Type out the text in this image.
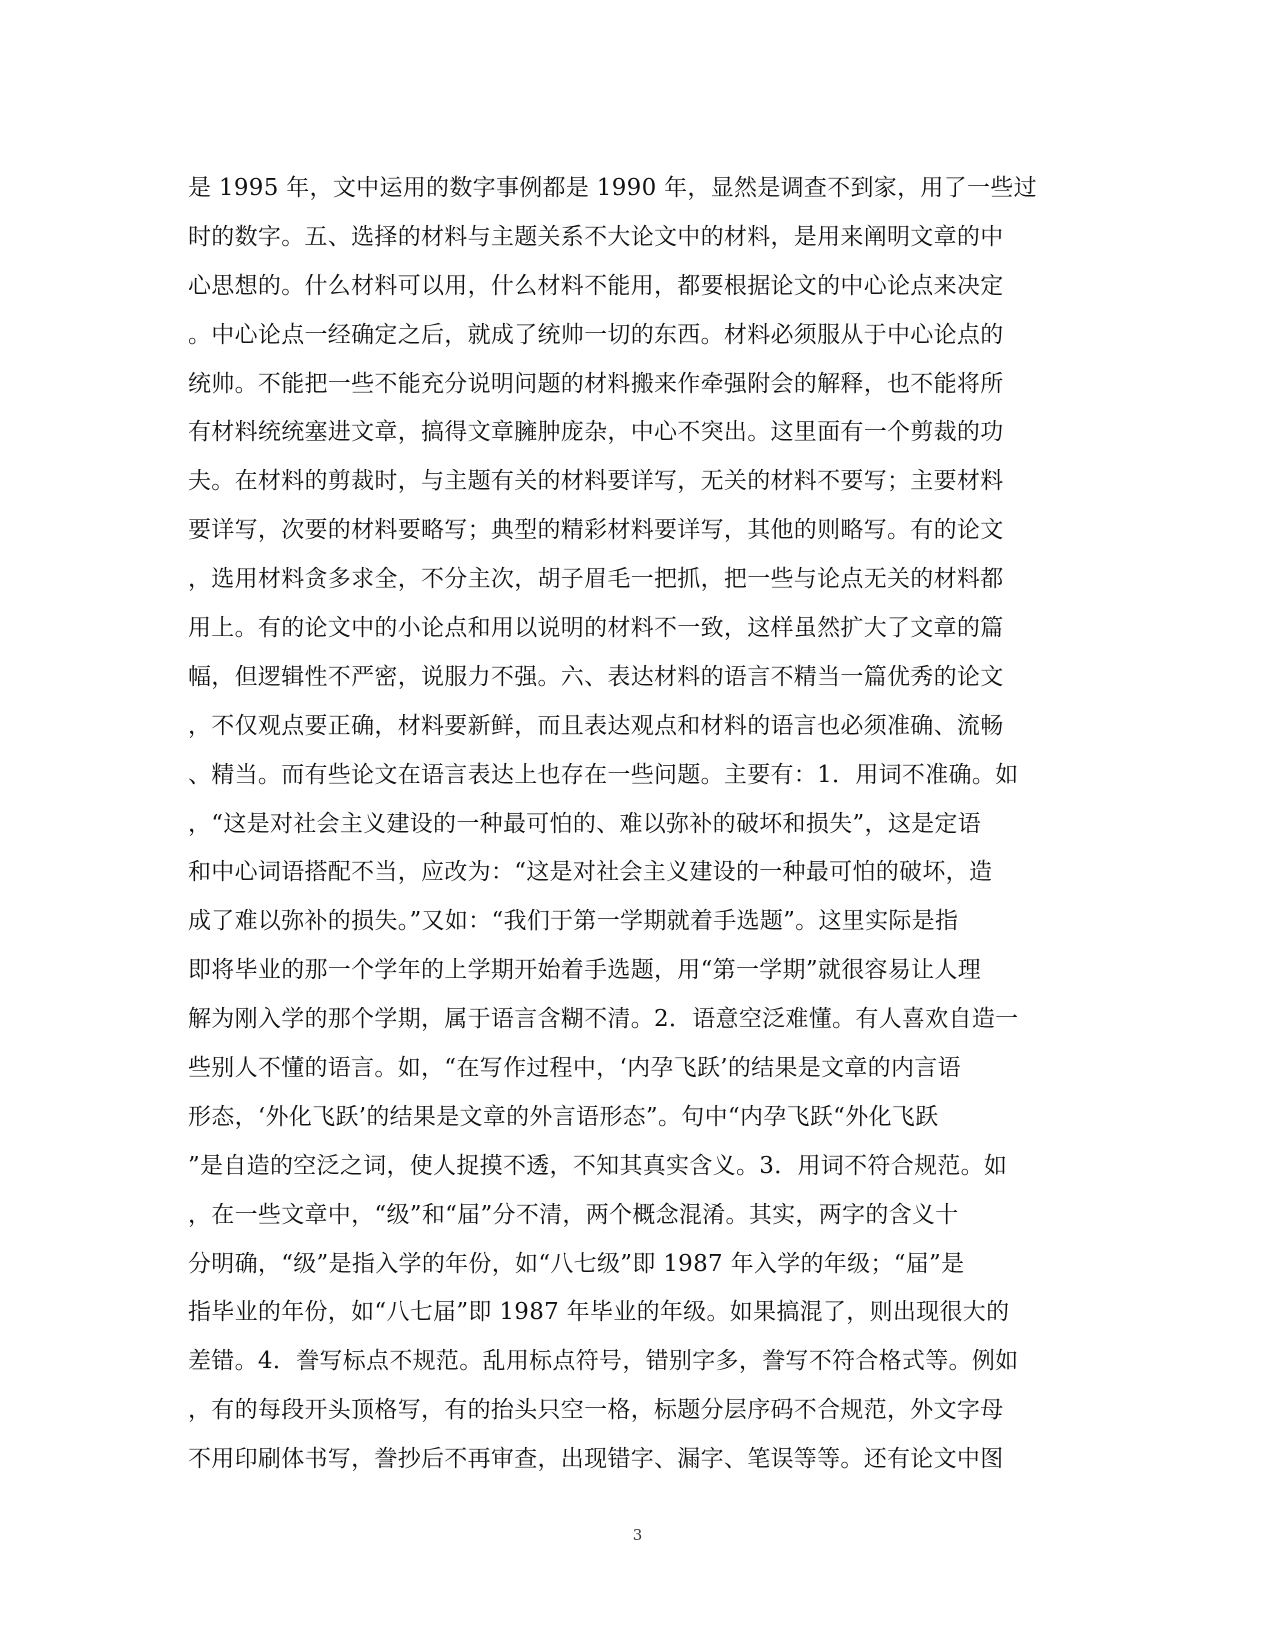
是 1995 年，文中运用的数字事例都是 1990 年，显然是调查不到家，用了一些过
时的数字。五、选择的材料与主题关系不大论文中的材料，是用来阐明文章的中
心思想的。什么材料可以用，什么材料不能用，都要根据论文的中心论点来决定
。中心论点一经确定之后，就成了统帅一切的东西。材料必须服从于中心论点的
统帅。不能把一些不能充分说明问题的材料搬来作牵强附会的解释，也不能将所
有材料统统塞进文章，搞得文章臃肿庞杂，中心不突出。这里面有一个剪裁的功
夫。在材料的剪裁时，与主题有关的材料要详写，无关的材料不要写；主要材料
要详写，次要的材料要略写；典型的精彩材料要详写，其他的则略写。有的论文
，选用材料贪多求全，不分主次，胡子眉毛一把抓，把一些与论点无关的材料都
用上。有的论文中的小论点和用以说明的材料不一致，这样虽然扩大了文章的篇
幅，但逻辑性不严密，说服力不强。六、表达材料的语言不精当一篇优秀的论文
，不仅观点要正确，材料要新鲜，而且表达观点和材料的语言也必须准确、流畅
、精当。而有些论文在语言表达上也存在一些问题。主要有：1．用词不准确。如
，“这是对社会主义建设的一种最可怕的、难以弥补的破坏和损失”，这是定语
和中心词语搭配不当，应改为：“这是对社会主义建设的一种最可怕的破坏，造
成了难以弥补的损失。”又如：“我们于第一学期就着手选题”。这里实际是指
即将毕业的那一个学年的上学期开始着手选题，用“第一学期”就很容易让人理
解为刚入学的那个学期，属于语言含糊不清。2．语意空泛难懂。有人喜欢自造一
些别人不懂的语言。如，“在写作过程中，‘内孕飞跃’的结果是文章的内言语
形态，‘外化飞跃’的结果是文章的外言语形态”。句中“内孕飞跃“外化飞跃
”是自造的空泛之词，使人捉摸不透，不知其真实含义。3．用词不符合规范。如
，在一些文章中，“级”和“届”分不清，两个概念混淆。其实，两字的含义十
分明确，“级”是指入学的年份，如“八七级”即 1987 年入学的年级；“届”是
指毕业的年份，如“八七届”即 1987 年毕业的年级。如果搞混了，则出现很大的
差错。4．誊写标点不规范。乱用标点符号，错别字多，誊写不符合格式等。例如
，有的每段开头顶格写，有的抬头只空一格，标题分层序码不合规范，外文字母
不用印刷体书写，誊抄后不再审查，出现错字、漏字、笔误等等。还有论文中图
3
